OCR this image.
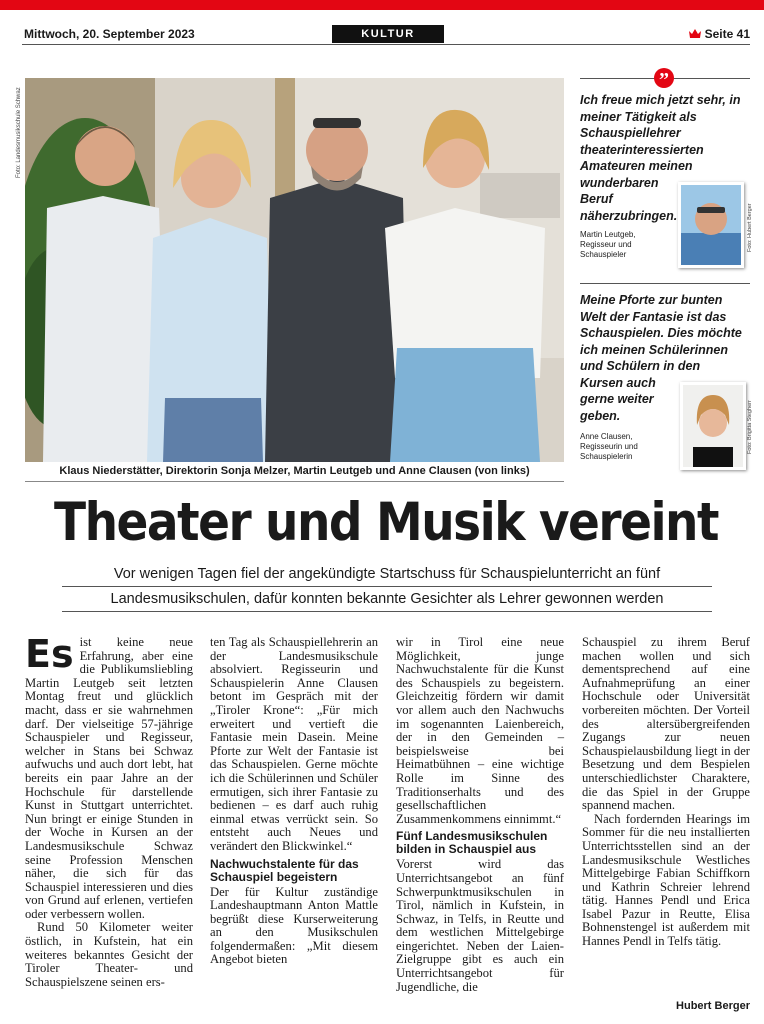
Mittwoch, 20. September 2023	KULTUR	Seite 41
Foto: Landesmusikschule Schwaz
Klaus Niederstätter, Direktorin Sonja Melzer, Martin Leutgeb und Anne Clausen (von links)
”
Ich freue mich jetzt sehr, in
meiner Tätigkeit als
Schauspiellehrer
theaterinteressierten
Amateuren meinen
wunderbaren
Beruf
näherzubringen.
Martin Leutgeb,
Regisseur und Schauspieler
Foto: Hubert Berger
Meine Pforte zur bunten
Welt der Fantasie ist das
Schauspielen. Dies möchte
ich meinen Schülerinnen
und Schülern in den
Kursen auch
gerne weiter
geben.
Anne Clausen,
Regisseurin und Schauspielerin
Foto: Brigitta Stegherr
Theater und Musik vereint
Vor wenigen Tagen fiel der angekündigte Startschuss für Schauspielunterricht an fünf
Landesmusikschulen, dafür konnten bekannte Gesichter als Lehrer gewonnen werden

Es ist keine neue Erfahrung, aber eine die Publikumsliebling Martin Leutgeb seit letzten Montag freut und glücklich macht, dass er sie wahrnehmen darf. Der vielseitige 57-jährige Schauspieler und Regisseur, welcher in Stans bei Schwaz aufwuchs und auch dort lebt, hat bereits ein paar Jahre an der Hochschule für darstellende Kunst in Stuttgart unterrichtet. Nun bringt er einige Stunden in der Woche in Kursen an der Landesmusikschule Schwaz seine Profession Menschen näher, die sich für das Schauspiel interessieren und dies von Grund auf erlenen, vertiefen oder verbessern wollen.

Rund 50 Kilometer weiter östlich, in Kufstein, hat ein weiteres bekanntes Gesicht der Tiroler Theater- und Schauspielszene seinen ers-

ten Tag als Schauspiellehrerin an der Landesmusikschule absolviert. Regisseurin und Schauspielerin Anne Clausen betont im Gespräch mit der „Tiroler Krone“: „Für mich erweitert und vertieft die Fantasie mein Dasein. Meine Pforte zur Welt der Fantasie ist das Schauspielen. Gerne möchte ich die Schülerinnen und Schüler ermutigen, sich ihrer Fantasie zu bedienen – es darf auch ruhig einmal etwas verrückt sein. So entsteht auch Neues und verändert den Blickwinkel.“

Nachwuchstalente für das Schauspiel begeistern

Der für Kultur zuständige Landeshauptmann Anton Mattle begrüßt diese Kurserweiterung an den Musikschulen folgendermaßen: „Mit diesem Angebot bieten

wir in Tirol eine neue Möglichkeit, junge Nachwuchstalente für die Kunst des Schauspiels zu begeistern. Gleichzeitig fördern wir damit vor allem auch den Nachwuchs im sogenannten Laienbereich, der in den Gemeinden – beispielsweise bei Heimatbühnen – eine wichtige Rolle im Sinne des Traditionserhalts und des gesellschaftlichen Zusammenkommens einnimmt.“

Fünf Landesmusikschulen bilden in Schauspiel aus

Vorerst wird das Unterrichtsangebot an fünf Schwerpunktmusikschulen in Tirol, nämlich in Kufstein, in Schwaz, in Telfs, in Reutte und dem westlichen Mittelgebirge eingerichtet. Neben der Laien-Zielgruppe gibt es auch ein Unterrichtsangebot für Jugendliche, die

Schauspiel zu ihrem Beruf machen wollen und sich dementsprechend auf eine Aufnahmeprüfung an einer Hochschule oder Universität vorbereiten möchten. Der Vorteil des altersübergreifenden Zugangs zur neuen Schauspielausbildung liegt in der Besetzung und dem Bespielen unterschiedlichster Charaktere, die das Spiel in der Gruppe spannend machen.

Nach fordernden Hearings im Sommer für die neu installierten Unterrichtsstellen sind an der Landesmusikschule Westliches Mittelgebirge Fabian Schiffkorn und Kathrin Schreier lehrend tätig. Hannes Pendl und Erica Isabel Pazur in Reutte, Elisa Bohnenstengel ist außerdem mit Hannes Pendl in Telfs tätig.

Hubert Berger
